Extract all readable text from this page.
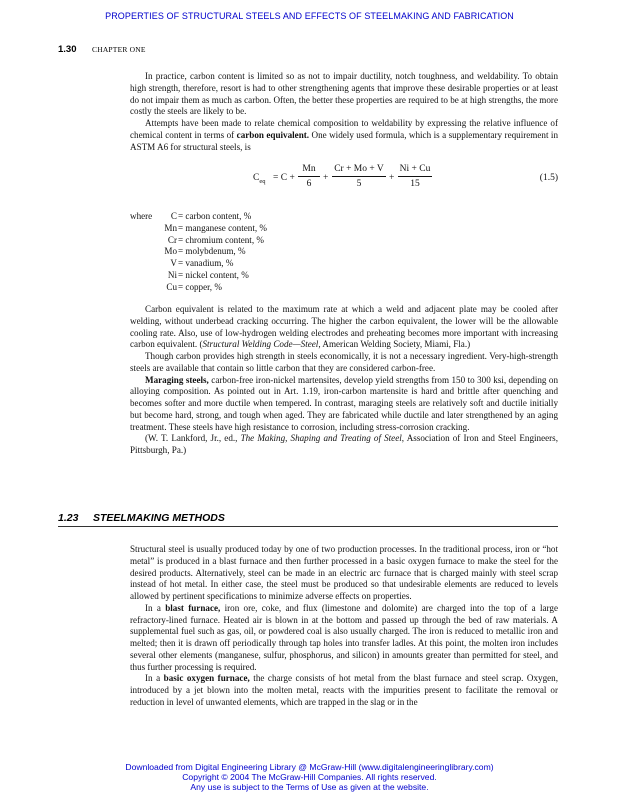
PROPERTIES OF STRUCTURAL STEELS AND EFFECTS OF STEELMAKING AND FABRICATION
1.30 CHAPTER ONE

In practice, carbon content is limited so as not to impair ductility, notch toughness, and weldability. To obtain high strength, therefore, resort is had to other strengthening agents that improve these desirable properties or at least do not impair them as much as carbon. Often, the better these properties are required to be at high strengths, the more costly the steels are likely to be.

Attempts have been made to relate chemical composition to weldability by expressing the relative influence of chemical content in terms of carbon equivalent. One widely used formula, which is a supplementary requirement in ASTM A6 for structural steels, is

$C_{eq} = C + \frac{Mn}{6} + \frac{Cr + Mo + V}{5} + \frac{Ni + Cu}{15}$	(1.5)
where C = carbon content, %
Mn = manganese content, %
Cr = chromium content, %
Mo = molybdenum, %
V = vanadium, %
Ni = nickel content, %
Cu = copper, %

Carbon equivalent is related to the maximum rate at which a weld and adjacent plate may be cooled after welding, without underbead cracking occurring. The higher the carbon equivalent, the lower will be the allowable cooling rate. Also, use of low-hydrogen welding electrodes and preheating becomes more important with increasing carbon equivalent. (Structural Welding Code—Steel, American Welding Society, Miami, Fla.)

Though carbon provides high strength in steels economically, it is not a necessary ingredient. Very-high-strength steels are available that contain so little carbon that they are considered carbon-free.

Maraging steels, carbon-free iron-nickel martensites, develop yield strengths from 150 to 300 ksi, depending on alloying composition. As pointed out in Art. 1.19, iron-carbon martensite is hard and brittle after quenching and becomes softer and more ductile when tempered. In contrast, maraging steels are relatively soft and ductile initially but become hard, strong, and tough when aged. They are fabricated while ductile and later strengthened by an aging treatment. These steels have high resistance to corrosion, including stress-corrosion cracking.

(W. T. Lankford, Jr., ed., The Making, Shaping and Treating of Steel, Association of Iron and Steel Engineers, Pittsburgh, Pa.)

1.23 STEELMAKING METHODS

Structural steel is usually produced today by one of two production processes. In the traditional process, iron or “hot metal” is produced in a blast furnace and then further processed in a basic oxygen furnace to make the steel for the desired products. Alternatively, steel can be made in an electric arc furnace that is charged mainly with steel scrap instead of hot metal. In either case, the steel must be produced so that undesirable elements are reduced to levels allowed by pertinent specifications to minimize adverse effects on properties.

In a blast furnace, iron ore, coke, and flux (limestone and dolomite) are charged into the top of a large refractory-lined furnace. Heated air is blown in at the bottom and passed up through the bed of raw materials. A supplemental fuel such as gas, oil, or powdered coal is also usually charged. The iron is reduced to metallic iron and melted; then it is drawn off periodically through tap holes into transfer ladles. At this point, the molten iron includes several other elements (manganese, sulfur, phosphorus, and silicon) in amounts greater than permitted for steel, and thus further processing is required.

In a basic oxygen furnace, the charge consists of hot metal from the blast furnace and steel scrap. Oxygen, introduced by a jet blown into the molten metal, reacts with the impurities present to facilitate the removal or reduction in level of unwanted elements, which are trapped in the slag or in the

Downloaded from Digital Engineering Library @ McGraw-Hill (www.digitalengineeringlibrary.com)
Copyright © 2004 The McGraw-Hill Companies. All rights reserved.
Any use is subject to the Terms of Use as given at the website.
